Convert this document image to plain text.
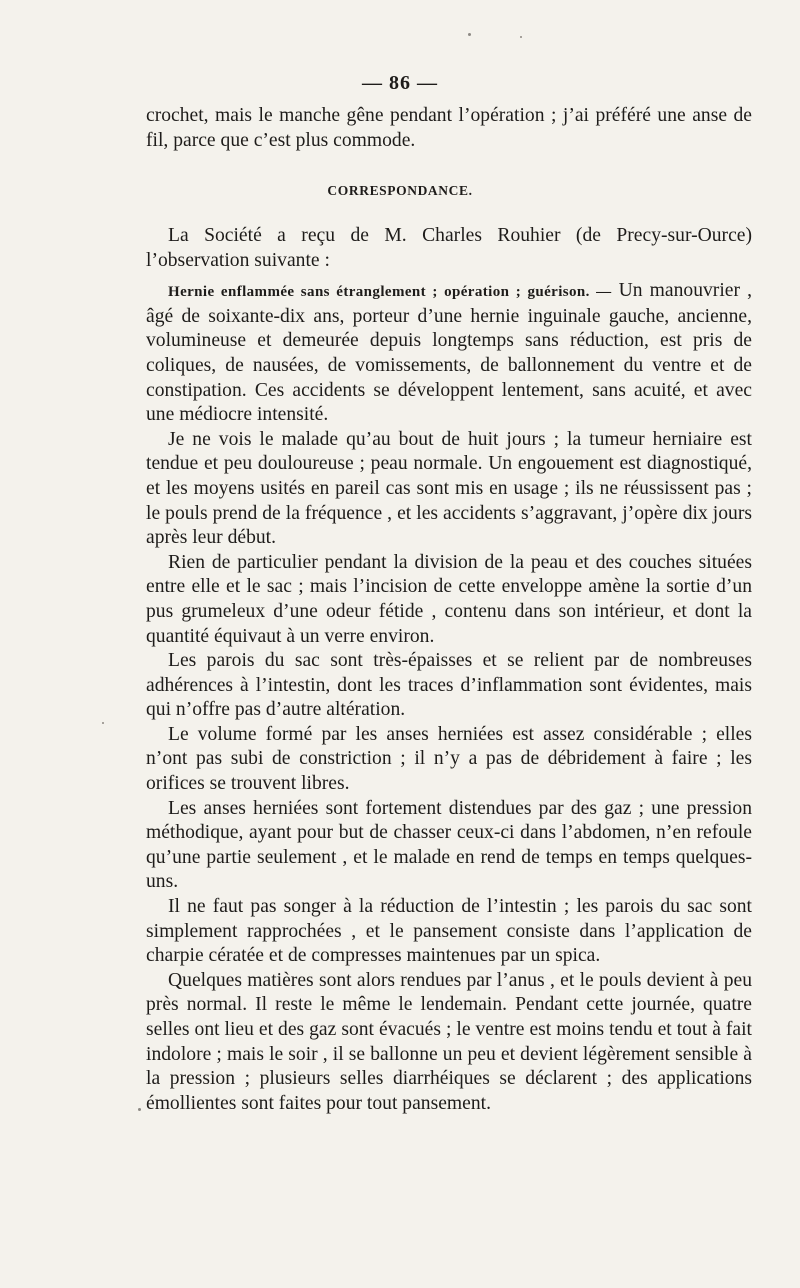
— 86 —

crochet, mais le manche gêne pendant l’opération ; j’ai préféré une anse de fil, parce que c’est plus commode.

CORRESPONDANCE.

La Société a reçu de M. Charles Rouhier (de Precy-sur-Ource) l’observation suivante :

Hernie enflammée sans étranglement ; opération ; guérison. — Un manouvrier , âgé de soixante-dix ans, porteur d’une hernie inguinale gauche, ancienne, volumineuse et demeurée depuis longtemps sans réduction, est pris de coliques, de nausées, de vomissements, de ballonnement du ventre et de constipation. Ces accidents se développent lentement, sans acuité, et avec une médiocre intensité.

Je ne vois le malade qu’au bout de huit jours ; la tumeur herniaire est tendue et peu douloureuse ; peau normale. Un engouement est diagnostiqué, et les moyens usités en pareil cas sont mis en usage ; ils ne réussissent pas ; le pouls prend de la fréquence , et les accidents s’aggravant, j’opère dix jours après leur début.

Rien de particulier pendant la division de la peau et des couches situées entre elle et le sac ; mais l’incision de cette enveloppe amène la sortie d’un pus grumeleux d’une odeur fétide , contenu dans son intérieur, et dont la quantité équivaut à un verre environ.

Les parois du sac sont très-épaisses et se relient par de nombreuses adhérences à l’intestin, dont les traces d’inflammation sont évidentes, mais qui n’offre pas d’autre altération.

Le volume formé par les anses herniées est assez considérable ; elles n’ont pas subi de constriction ; il n’y a pas de débridement à faire ; les orifices se trouvent libres.

Les anses herniées sont fortement distendues par des gaz ; une pression méthodique, ayant pour but de chasser ceux-ci dans l’abdomen, n’en refoule qu’une partie seulement , et le malade en rend de temps en temps quelques-uns.

Il ne faut pas songer à la réduction de l’intestin ; les parois du sac sont simplement rapprochées , et le pansement consiste dans l’application de charpie cératée et de compresses maintenues par un spica.

Quelques matières sont alors rendues par l’anus , et le pouls devient à peu près normal. Il reste le même le lendemain. Pendant cette journée, quatre selles ont lieu et des gaz sont évacués ; le ventre est moins tendu et tout à fait indolore ; mais le soir , il se ballonne un peu et devient légèrement sensible à la pression ; plusieurs selles diarrhéiques se déclarent ; des applications émollientes sont faites pour tout pansement.
